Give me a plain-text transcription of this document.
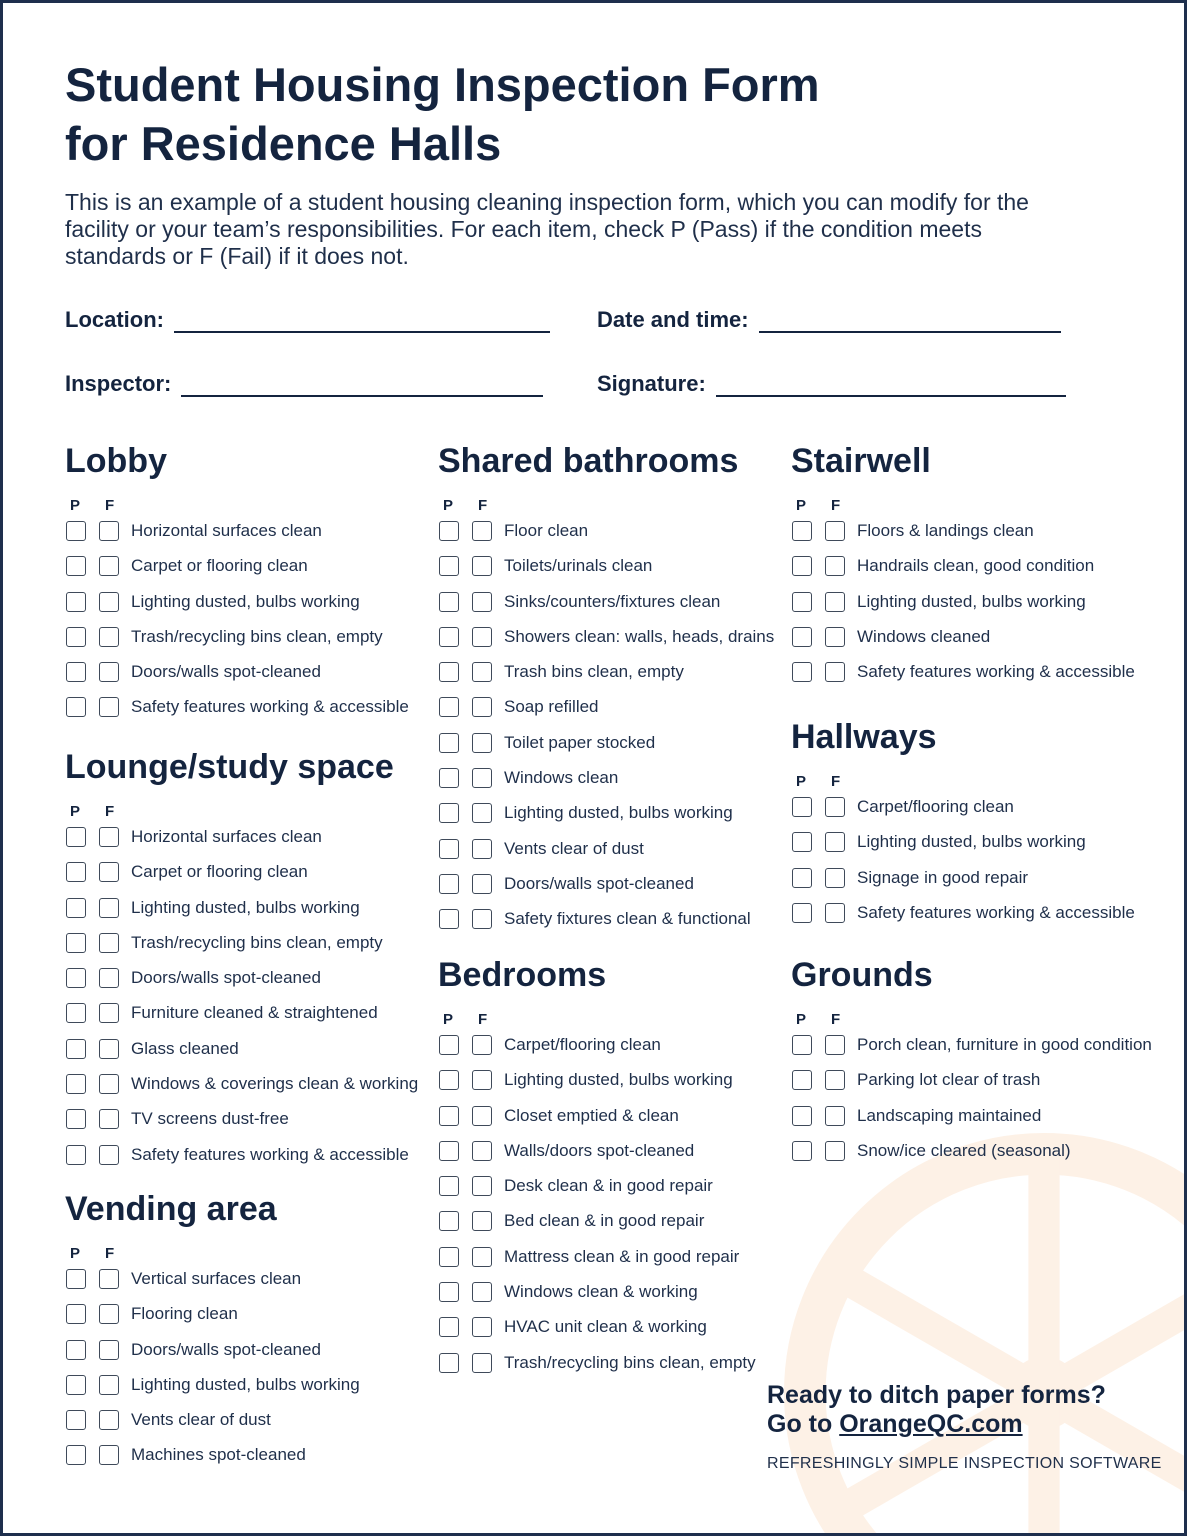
Student Housing Inspection Form
for Residence Halls

This is an example of a student housing cleaning inspection form, which you can modify for the facility or your team’s responsibilities. For each item, check P (Pass) if the condition meets standards or F (Fail) if it does not.

Location:	Date and time:
Inspector:	Signature:
Lobby
P F
Horizontal surfaces clean
Carpet or flooring clean
Lighting dusted, bulbs working
Trash/recycling bins clean, empty
Doors/walls spot-cleaned
Safety features working & accessible
Lounge/study space
P F
Horizontal surfaces clean
Carpet or flooring clean
Lighting dusted, bulbs working
Trash/recycling bins clean, empty
Doors/walls spot-cleaned
Furniture cleaned & straightened
Glass cleaned
Windows & coverings clean & working
TV screens dust-free
Safety features working & accessible
Vending area
P F
Vertical surfaces clean
Flooring clean
Doors/walls spot-cleaned
Lighting dusted, bulbs working
Vents clear of dust
Machines spot-cleaned
Shared bathrooms
P F
Floor clean
Toilets/urinals clean
Sinks/counters/fixtures clean
Showers clean: walls, heads, drains
Trash bins clean, empty
Soap refilled
Toilet paper stocked
Windows clean
Lighting dusted, bulbs working
Vents clear of dust
Doors/walls spot-cleaned
Safety fixtures clean & functional
Bedrooms
P F
Carpet/flooring clean
Lighting dusted, bulbs working
Closet emptied & clean
Walls/doors spot-cleaned
Desk clean & in good repair
Bed clean & in good repair
Mattress clean & in good repair
Windows clean & working
HVAC unit clean & working
Trash/recycling bins clean, empty
Stairwell
P F
Floors & landings clean
Handrails clean, good condition
Lighting dusted, bulbs working
Windows cleaned
Safety features working & accessible
Hallways
P F
Carpet/flooring clean
Lighting dusted, bulbs working
Signage in good repair
Safety features working & accessible
Grounds
P F
Porch clean, furniture in good condition
Parking lot clear of trash
Landscaping maintained
Snow/ice cleared (seasonal)
Ready to ditch paper forms?
Go to OrangeQC.com
REFRESHINGLY SIMPLE INSPECTION SOFTWARE
